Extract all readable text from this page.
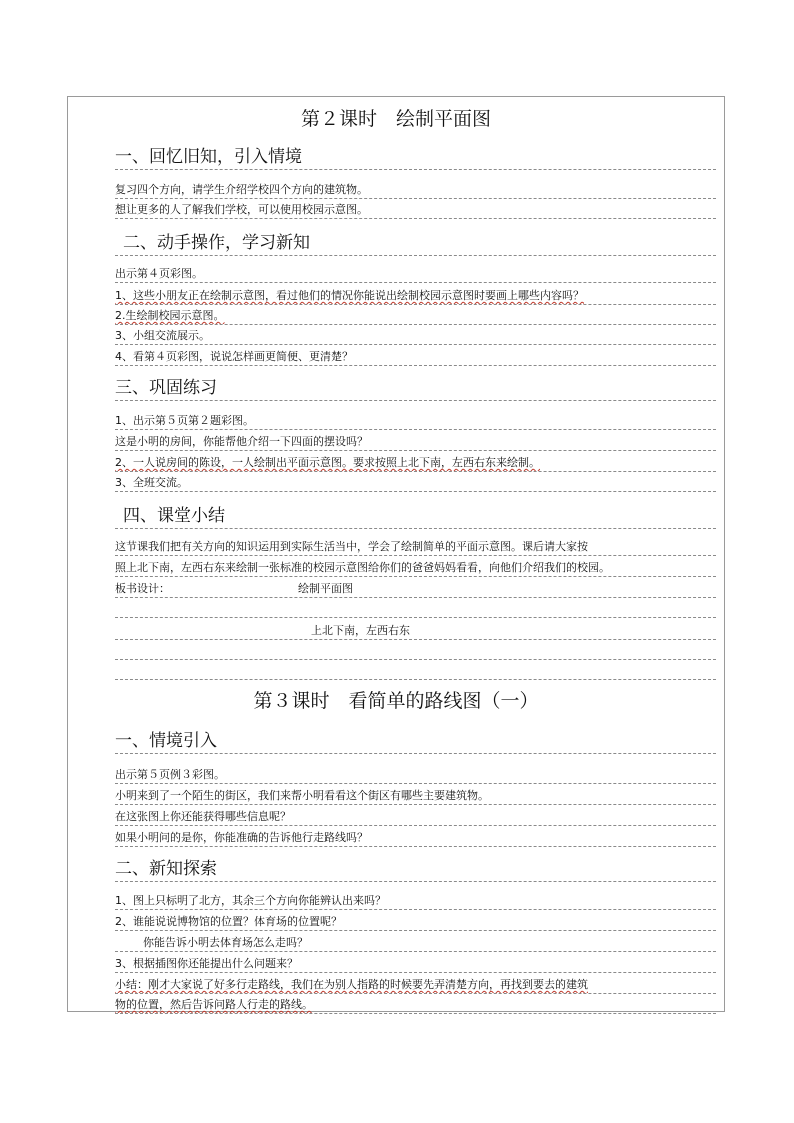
第２课时　绘制平面图
一、回忆旧知，引入情境
复习四个方向，请学生介绍学校四个方向的建筑物。
想让更多的人了解我们学校，可以使用校园示意图。
二、动手操作，学习新知
出示第４页彩图。
1、这些小朋友正在绘制示意图，看过他们的情况你能说出绘制校园示意图时要画上哪些内容吗？
2.生绘制校园示意图。
3、小组交流展示。
4、看第４页彩图，说说怎样画更简便、更清楚？
三、巩固练习
1、出示第５页第２题彩图。
这是小明的房间，你能帮他介绍一下四面的摆设吗？
2、一人说房间的陈设，一人绘制出平面示意图。要求按照上北下南，左西右东来绘制。
3、全班交流。
四、课堂小结
这节课我们把有关方向的知识运用到实际生活当中，学会了绘制简单的平面示意图。课后请大家按
照上北下南，左西右东来绘制一张标准的校园示意图给你们的爸爸妈妈看看，向他们介绍我们的校园。
板书设计：	绘制平面图
上北下南，左西右东
第３课时　看简单的路线图（一）
一、情境引入
出示第５页例３彩图。
小明来到了一个陌生的街区，我们来帮小明看看这个街区有哪些主要建筑物。
在这张图上你还能获得哪些信息呢？
如果小明问的是你，你能准确的告诉他行走路线吗？
二、新知探索
1、图上只标明了北方，其余三个方向你能辨认出来吗？
2、谁能说说博物馆的位置？体育场的位置呢？
你能告诉小明去体育场怎么走吗？
3、根据插图你还能提出什么问题来？
小结：刚才大家说了好多行走路线，我们在为别人指路的时候要先弄清楚方向，再找到要去的建筑
物的位置，然后告诉问路人行走的路线。
